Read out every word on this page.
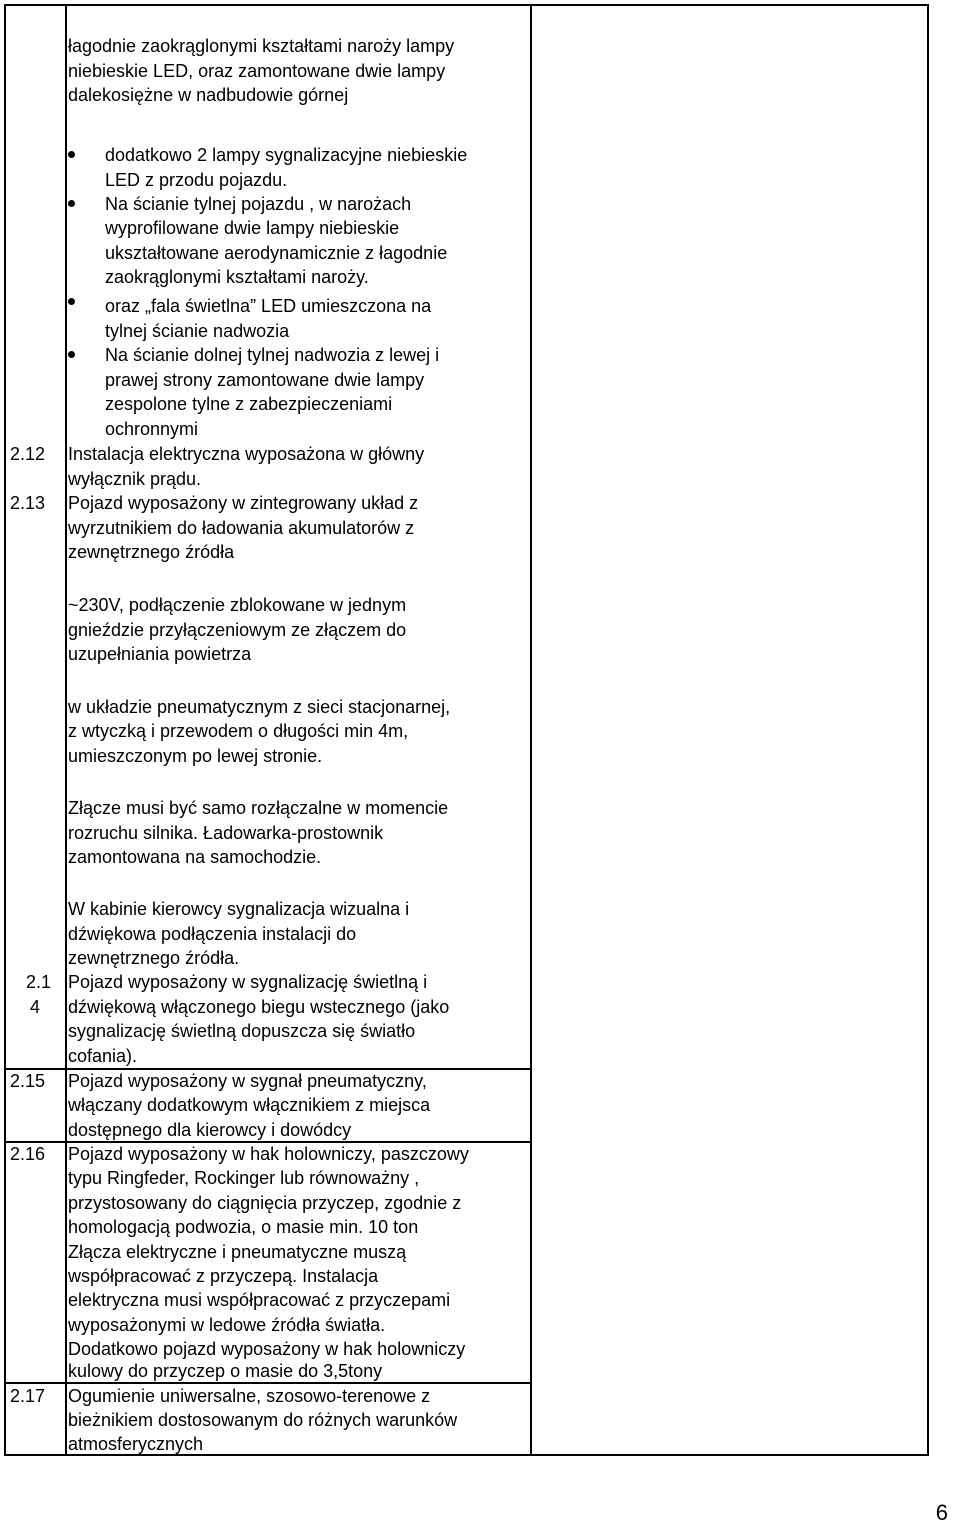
łagodnie zaokrąglonymi kształtami naroży lampy
niebieskie LED, oraz zamontowane dwie lampy
dalekosiężne w nadbudowie górnej
dodatkowo 2 lampy sygnalizacyjne niebieskie
LED z przodu pojazdu.
Na ścianie tylnej pojazdu , w narożach
wyprofilowane dwie lampy niebieskie
ukształtowane aerodynamicznie z łagodnie
zaokrąglonymi kształtami naroży.
oraz „fala świetlna” LED umieszczona na
tylnej ścianie nadwozia
Na ścianie dolnej tylnej nadwozia z lewej i
prawej strony zamontowane dwie lampy
zespolone tylne z zabezpieczeniami
ochronnymi
2.12 Instalacja elektryczna wyposażona w główny
wyłącznik prądu.
2.13 Pojazd wyposażony w zintegrowany układ z
wyrzutnikiem do ładowania akumulatorów z
zewnętrznego źródła
~230V, podłączenie zblokowane w jednym
gnieździe przyłączeniowym ze złączem do
uzupełniania powietrza
w układzie pneumatycznym z sieci stacjonarnej,
z wtyczką i przewodem o długości min 4m,
umieszczonym po lewej stronie.
Złącze musi być samo rozłączalne w momencie
rozruchu silnika. Ładowarka-prostownik
zamontowana na samochodzie.
W kabinie kierowcy sygnalizacja wizualna i
dźwiękowa podłączenia instalacji do
zewnętrznego źródła.
2.1
4
Pojazd wyposażony w sygnalizację świetlną i
dźwiękową włączonego biegu wstecznego (jako
sygnalizację świetlną dopuszcza się światło
cofania).
2.15 Pojazd wyposażony w sygnał pneumatyczny,
włączany dodatkowym włącznikiem z miejsca
dostępnego dla kierowcy i dowódcy
2.16 Pojazd wyposażony w hak holowniczy, paszczowy
typu Ringfeder, Rockinger lub równoważny ,
przystosowany do ciągnięcia przyczep, zgodnie z
homologacją podwozia, o masie min. 10 ton
Złącza elektryczne i pneumatyczne muszą
współpracować z przyczepą. Instalacja
elektryczna musi współpracować z przyczepami
wyposażonymi w ledowe źródła światła.
Dodatkowo pojazd wyposażony w hak holowniczy
kulowy do przyczep o masie do 3,5tony
2.17 Ogumienie uniwersalne, szosowo-terenowe z
bieżnikiem dostosowanym do różnych warunków
atmosferycznych
6
